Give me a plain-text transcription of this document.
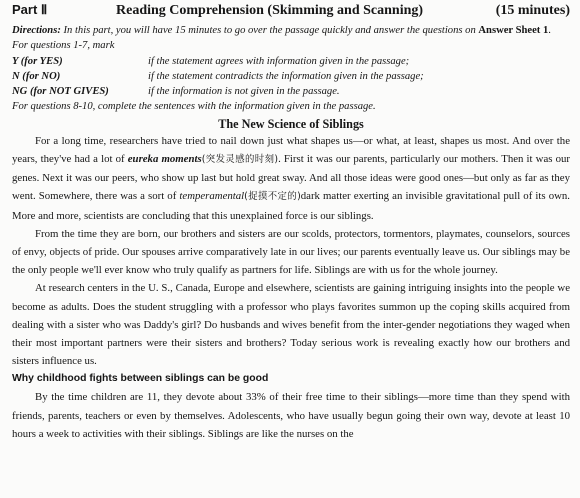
Part Ⅱ	Reading Comprehension (Skimming and Scanning)	(15 minutes)
Directions: In this part, you will have 15 minutes to go over the passage quickly and answer the questions on Answer Sheet 1.
For questions 1-7, mark
Y (for YES)	if the statement agrees with information given in the passage;
N (for NO)	if the statement contradicts the information given in the passage;
NG (for NOT GIVES)	if the information is not given in the passage.
For questions 8-10, complete the sentences with the information given in the passage.
The New Science of Siblings

For a long time, researchers have tried to nail down just what shapes us—or what, at least, shapes us most. And over the years, they've had a lot of eureka moments(突发灵感的时刻). First it was our parents, particularly our mothers. Then it was our genes. Next it was our peers, who show up last but hold great sway. And all those ideas were good ones—but only as far as they went. Somewhere, there was a sort of temperamental(捉摸不定的)dark matter exerting an invisible gravitational pull of its own. More and more, scientists are concluding that this unexplained force is our siblings.

From the time they are born, our brothers and sisters are our scolds, protectors, tormentors, playmates, counselors, sources of envy, objects of pride. Our spouses arrive comparatively late in our lives; our parents eventually leave us. Our siblings may be the only people we'll ever know who truly qualify as partners for life. Siblings are with us for the whole journey.

At research centers in the U. S., Canada, Europe and elsewhere, scientists are gaining intriguing insights into the people we become as adults. Does the student struggling with a professor who plays favorites summon up the coping skills acquired from dealing with a sister who was Daddy's girl? Do husbands and wives benefit from the inter-gender negotiations they waged when their most important partners were their sisters and brothers? Today serious work is revealing exactly how our brothers and sisters influence us.

Why childhood fights between siblings can be good

By the time children are 11, they devote about 33% of their free time to their siblings—more time than they spend with friends, parents, teachers or even by themselves. Adolescents, who have usually begun going their own way, devote at least 10 hours a week to activities with their siblings. Siblings are like the nurses on the
